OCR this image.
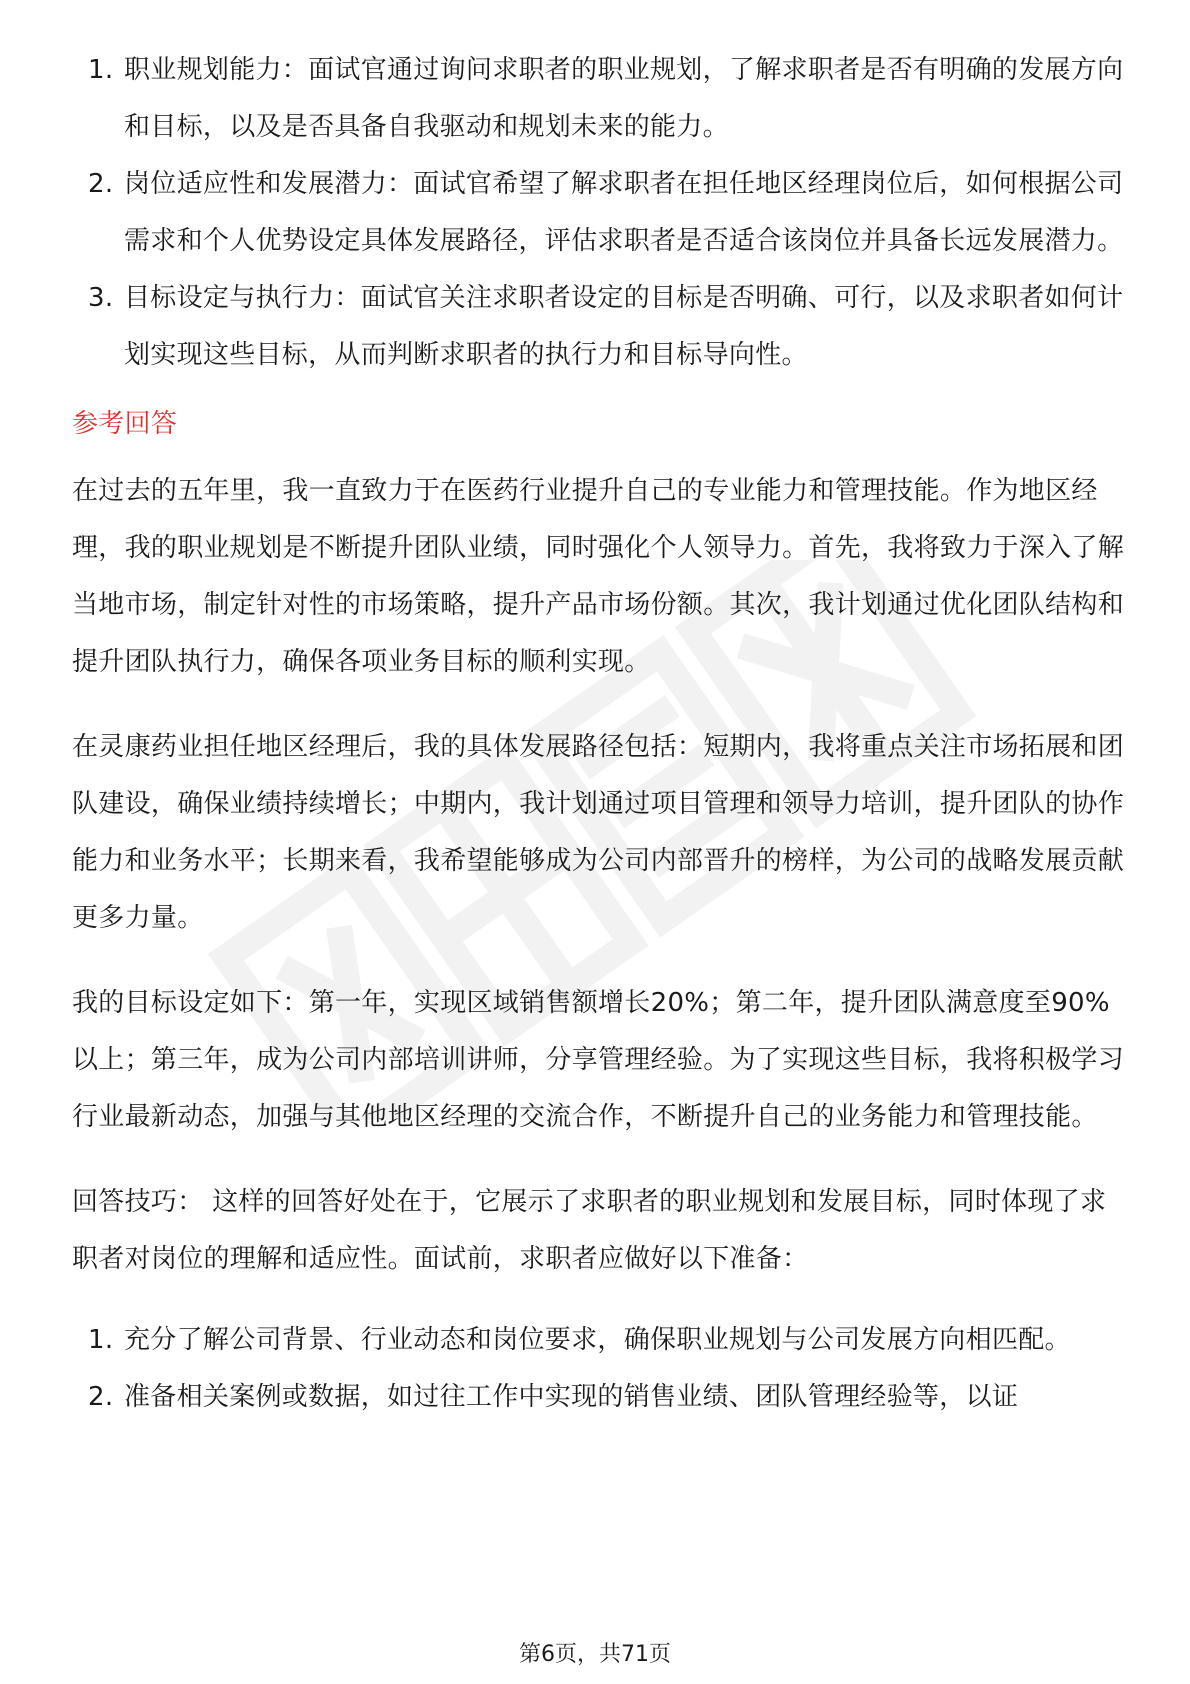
1. 职业规划能力：面试官通过询问求职者的职业规划，了解求职者是否有明确的发展方向和目标，以及是否具备自我驱动和规划未来的能力。
2. 岗位适应性和发展潜力：面试官希望了解求职者在担任地区经理岗位后，如何根据公司需求和个人优势设定具体发展路径，评估求职者是否适合该岗位并具备长远发展潜力。
3. 目标设定与执行力：面试官关注求职者设定的目标是否明确、可行，以及求职者如何计划实现这些目标，从而判断求职者的执行力和目标导向性。
参考回答

在过去的五年里，我一直致力于在医药行业提升自己的专业能力和管理技能。作为地区经理，我的职业规划是不断提升团队业绩，同时强化个人领导力。首先，我将致力于深入了解当地市场，制定针对性的市场策略，提升产品市场份额。其次，我计划通过优化团队结构和提升团队执行力，确保各项业务目标的顺利实现。

在灵康药业担任地区经理后，我的具体发展路径包括：短期内，我将重点关注市场拓展和团队建设，确保业绩持续增长；中期内，我计划通过项目管理和领导力培训，提升团队的协作能力和业务水平；长期来看，我希望能够成为公司内部晋升的榜样，为公司的战略发展贡献更多力量。

我的目标设定如下：第一年，实现区域销售额增长20%；第二年，提升团队满意度至90%以上；第三年，成为公司内部培训讲师，分享管理经验。为了实现这些目标，我将积极学习行业最新动态，加强与其他地区经理的交流合作，不断提升自己的业务能力和管理技能。

回答技巧： 这样的回答好处在于，它展示了求职者的职业规划和发展目标，同时体现了求职者对岗位的理解和适应性。面试前，求职者应做好以下准备：

1. 充分了解公司背景、行业动态和岗位要求，确保职业规划与公司发展方向相匹配。
2. 准备相关案例或数据，如过往工作中实现的销售业绩、团队管理经验等，以证
第6页，共71页
